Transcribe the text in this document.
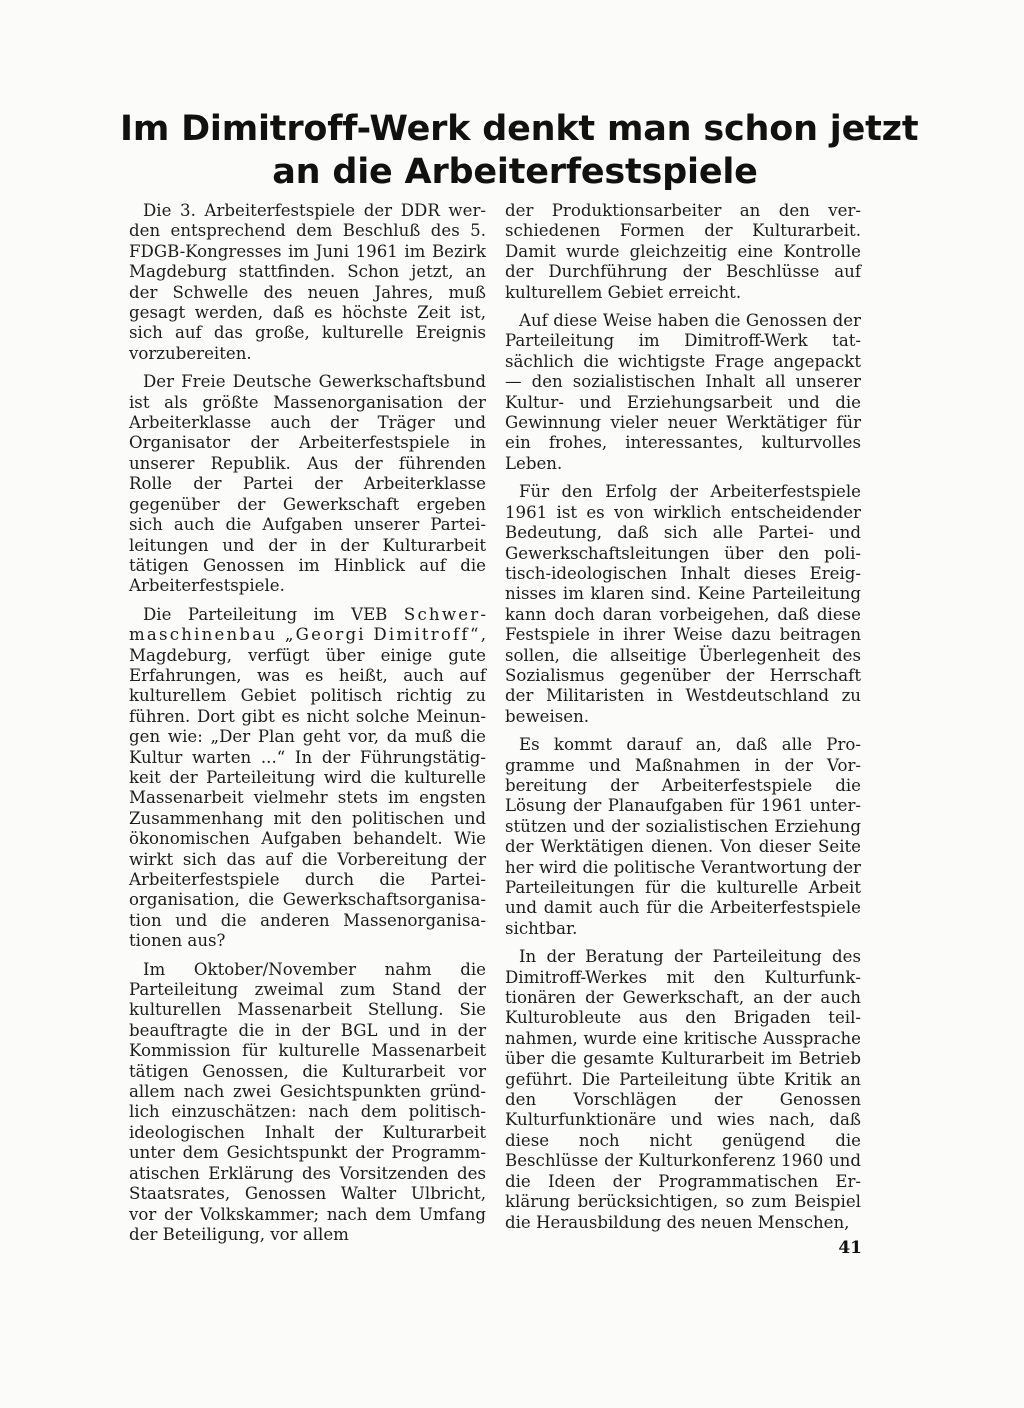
Im Dimitroff-Werk denkt man schon jetzt
an die Arbeiterfestspiele

Die 3. Arbeiterfestspiele der DDR werden entsprechend dem Beschluß des 5. FDGB-Kongresses im Juni 1961 im Bezirk Magdeburg stattfinden. Schon jetzt, an der Schwelle des neuen Jahres, muß gesagt werden, daß es höchste Zeit ist, sich auf das große, kulturelle Ereignis vorzubereiten.

Der Freie Deutsche Gewerkschaftsbund ist als größte Massenorganisation der Arbeiterklasse auch der Träger und Organisator der Arbeiterfestspiele in unserer Republik. Aus der führenden Rolle der Partei der Arbeiterklasse gegenüber der Gewerkschaft ergeben sich auch die Aufgaben unserer Parteileitungen und der in der Kulturarbeit tätigen Genossen im Hinblick auf die Arbeiterfestspiele.

Die Parteileitung im VEB Schwermaschinenbau „Georgi Dimitroff“, Magdeburg, verfügt über einige gute Erfahrungen, was es heißt, auch auf kulturellem Gebiet politisch richtig zu führen. Dort gibt es nicht solche Meinungen wie: „Der Plan geht vor, da muß die Kultur warten ...“ In der Führungstätigkeit der Parteileitung wird die kulturelle Massenarbeit vielmehr stets im engsten Zusammenhang mit den politischen und ökonomischen Aufgaben behandelt. Wie wirkt sich das auf die Vorbereitung der Arbeiterfestspiele durch die Parteiorganisation, die Gewerkschaftsorganisation und die anderen Massenorganisationen aus?

Im Oktober/November nahm die Parteileitung zweimal zum Stand der kulturellen Massenarbeit Stellung. Sie beauftragte die in der BGL und in der Kommission für kulturelle Massenarbeit tätigen Genossen, die Kulturarbeit vor allem nach zwei Gesichtspunkten gründlich einzuschätzen: nach dem politisch-ideologischen Inhalt der Kulturarbeit unter dem Gesichtspunkt der Programmatischen Erklärung des Vorsitzenden des Staatsrates, Genossen Walter Ulbricht, vor der Volkskammer; nach dem Umfang der Beteiligung, vor allem

der Produktionsarbeiter an den verschiedenen Formen der Kulturarbeit. Damit wurde gleichzeitig eine Kontrolle der Durchführung der Beschlüsse auf kulturellem Gebiet erreicht.

Auf diese Weise haben die Genossen der Parteileitung im Dimitroff-Werk tatsächlich die wichtigste Frage angepackt — den sozialistischen Inhalt all unserer Kultur- und Erziehungsarbeit und die Gewinnung vieler neuer Werktätiger für ein frohes, interessantes, kulturvolles Leben.

Für den Erfolg der Arbeiterfestspiele 1961 ist es von wirklich entscheidender Bedeutung, daß sich alle Partei- und Gewerkschaftsleitungen über den politisch-ideologischen Inhalt dieses Ereignisses im klaren sind. Keine Parteileitung kann doch daran vorbeigehen, daß diese Festspiele in ihrer Weise dazu beitragen sollen, die allseitige Überlegenheit des Sozialismus gegenüber der Herrschaft der Militaristen in Westdeutschland zu beweisen.

Es kommt darauf an, daß alle Programme und Maßnahmen in der Vorbereitung der Arbeiterfestspiele die Lösung der Planaufgaben für 1961 unterstützen und der sozialistischen Erziehung der Werktätigen dienen. Von dieser Seite her wird die politische Verantwortung der Parteileitungen für die kulturelle Arbeit und damit auch für die Arbeiterfestspiele sichtbar.

In der Beratung der Parteileitung des Dimitroff-Werkes mit den Kulturfunktionären der Gewerkschaft, an der auch Kulturobleute aus den Brigaden teilnahmen, wurde eine kritische Aussprache über die gesamte Kulturarbeit im Betrieb geführt. Die Parteileitung übte Kritik an den Vorschlägen der Genossen Kulturfunktionäre und wies nach, daß diese noch nicht genügend die Beschlüsse der Kulturkonferenz 1960 und die Ideen der Programmatischen Erklärung berücksichtigen, so zum Beispiel die Herausbildung des neuen Menschen,

41
